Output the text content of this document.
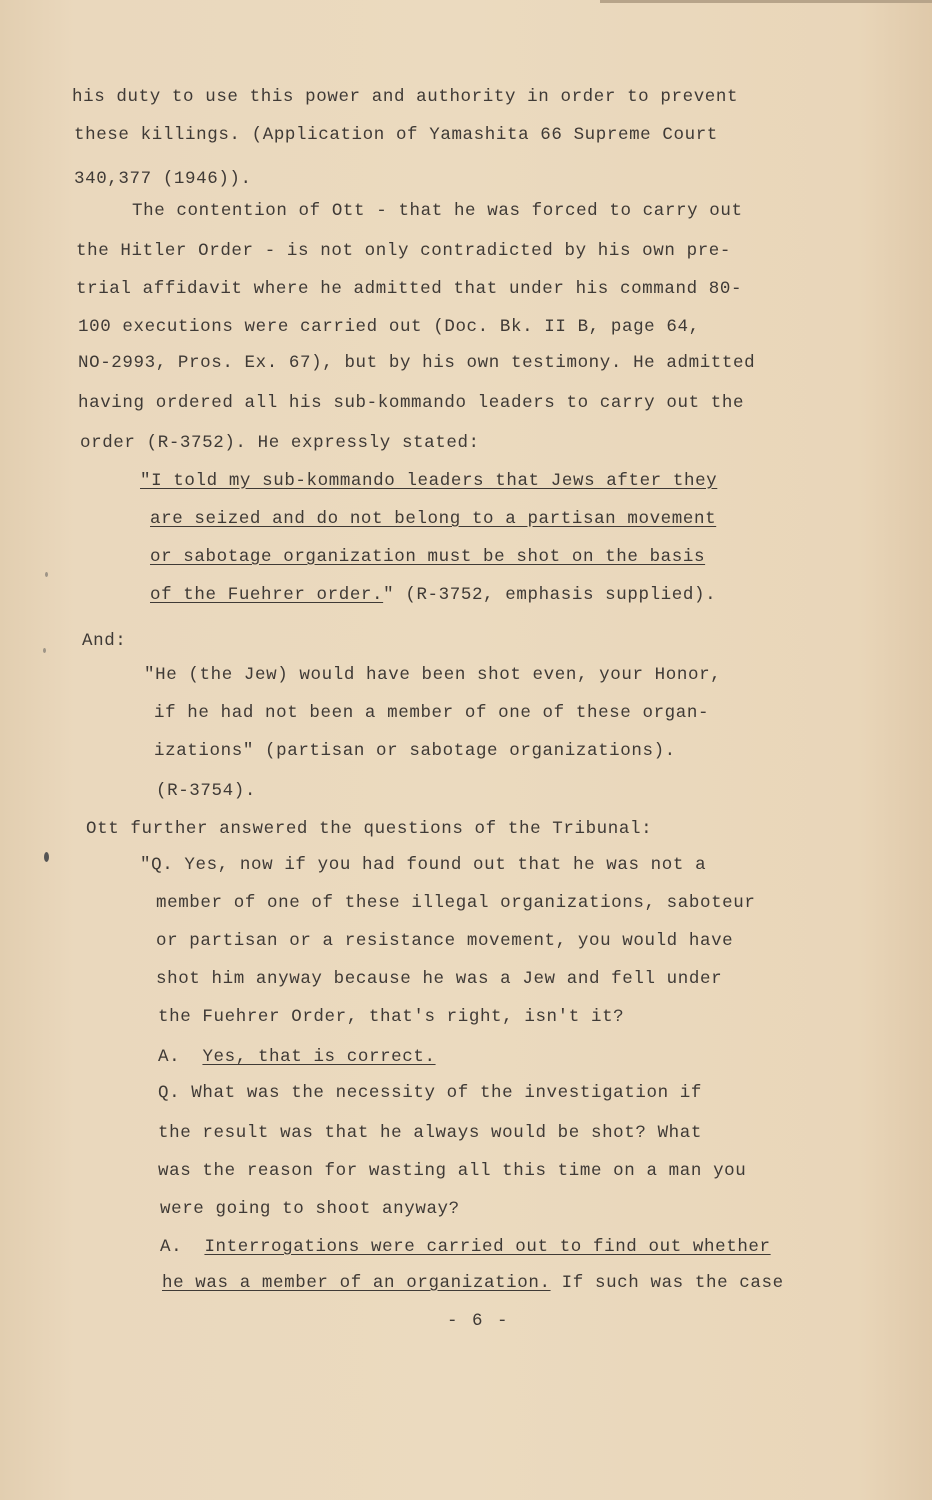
his duty to use this power and authority in order to prevent
these killings. (Application of Yamashita 66 Supreme Court
340,377 (1946)).
The contention of Ott - that he was forced to carry out
the Hitler Order - is not only contradicted by his own pre-
trial affidavit where he admitted that under his command 80-
100 executions were carried out (Doc. Bk. II B, page 64,
NO-2993, Pros. Ex. 67), but by his own testimony. He admitted
having ordered all his sub-kommando leaders to carry out the
order (R-3752). He expressly stated:
"I told my sub-kommando leaders that Jews after they
are seized and do not belong to a partisan movement
or sabotage organization must be shot on the basis
of the Fuehrer order." (R-3752, emphasis supplied).
And:
"He (the Jew) would have been shot even, your Honor,
if he had not been a member of one of these organ-
izations" (partisan or sabotage organizations).
(R-3754).
Ott further answered the questions of the Tribunal:
"Q. Yes, now if you had found out that he was not a
member of one of these illegal organizations, saboteur
or partisan or a resistance movement, you would have
shot him anyway because he was a Jew and fell under
the Fuehrer Order, that's right, isn't it?
A. Yes, that is correct.
Q. What was the necessity of the investigation if
the result was that he always would be shot? What
was the reason for wasting all this time on a man you
were going to shoot anyway?
A. Interrogations were carried out to find out whether
he was a member of an organization. If such was the case
- 6 -
